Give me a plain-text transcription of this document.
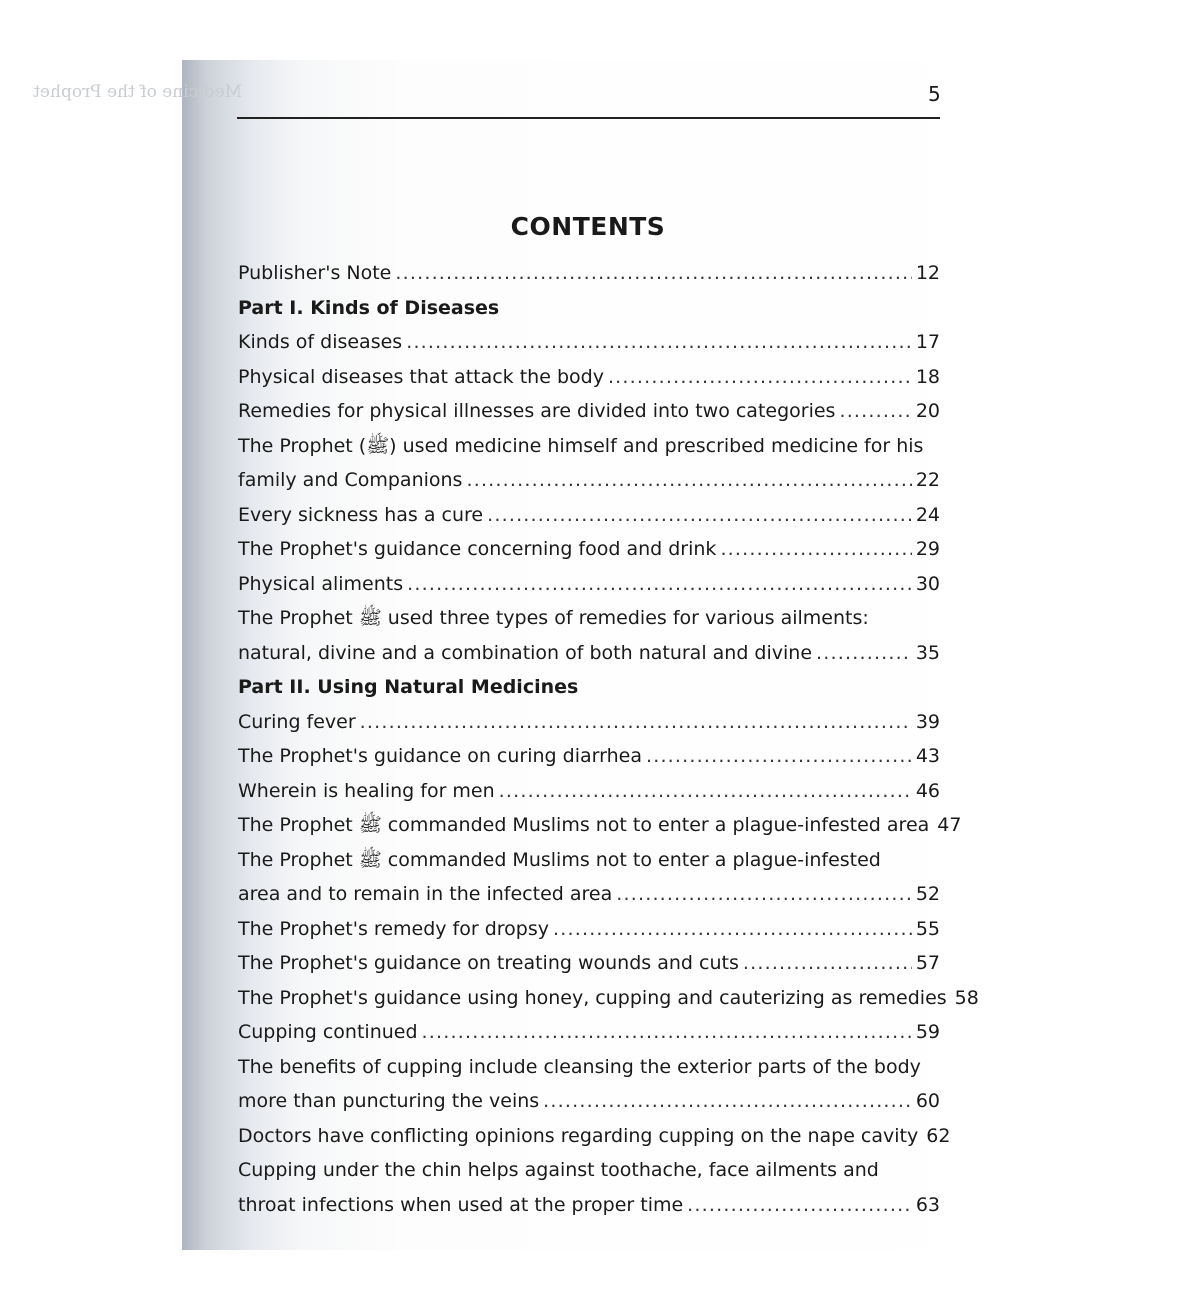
Medicine of the Prophet	5
CONTENTS
Publisher's Note .....	12
Part I. Kinds of Diseases
Kinds of diseases .....	17
Physical diseases that attack the body .....	18
Remedies for physical illnesses are divided into two categories .....	20
The Prophet (ﷺ) used medicine himself and prescribed medicine for his
family and Companions .....	22
Every sickness has a cure .....	24
The Prophet's guidance concerning food and drink .....	29
Physical aliments .....	30
The Prophet ﷺ used three types of remedies for various ailments:
natural, divine and a combination of both natural and divine .....	35
Part II. Using Natural Medicines
Curing fever .....	39
The Prophet's guidance on curing diarrhea .....	43
Wherein is healing for men .....	46
The Prophet ﷺ commanded Muslims not to enter a plague-infested area 47
The Prophet ﷺ commanded Muslims not to enter a plague-infested
area and to remain in the infected area .....	52
The Prophet's remedy for dropsy .....	55
The Prophet's guidance on treating wounds and cuts .....	57
The Prophet's guidance using honey, cupping and cauterizing as remedies 58
Cupping continued .....	59
The benefits of cupping include cleansing the exterior parts of the body
more than puncturing the veins .....	60
Doctors have conflicting opinions regarding cupping on the nape cavity 62
Cupping under the chin helps against toothache, face ailments and
throat infections when used at the proper time .....	63
